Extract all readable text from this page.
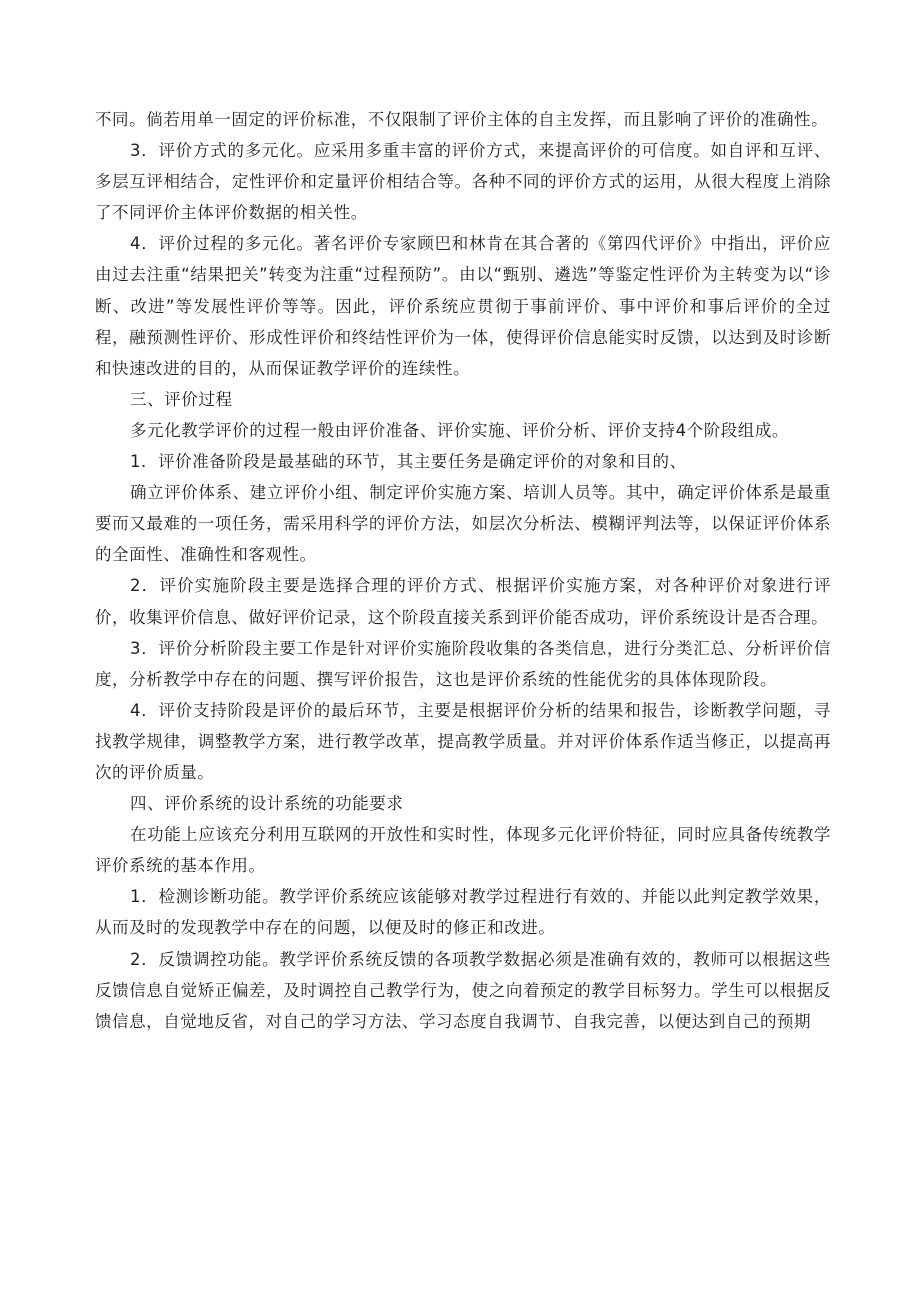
不同。倘若用单一固定的评价标准，不仅限制了评价主体的自主发挥，而且影响了评价的准确性。

3．评价方式的多元化。应采用多重丰富的评价方式，来提高评价的可信度。如自评和互评、多层互评相结合，定性评价和定量评价相结合等。各种不同的评价方式的运用，从很大程度上消除了不同评价主体评价数据的相关性。

4．评价过程的多元化。著名评价专家顾巴和林肯在其合著的《第四代评价》中指出，评价应由过去注重“结果把关”转变为注重“过程预防”。由以“甄别、遴选”等鉴定性评价为主转变为以“诊断、改进”等发展性评价等等。因此，评价系统应贯彻于事前评价、事中评价和事后评价的全过程，融预测性评价、形成性评价和终结性评价为一体，使得评价信息能实时反馈，以达到及时诊断和快速改进的目的，从而保证教学评价的连续性。

三、评价过程

多元化教学评价的过程一般由评价准备、评价实施、评价分析、评价支持4个阶段组成。

1．评价准备阶段是最基础的环节，其主要任务是确定评价的对象和目的、

确立评价体系、建立评价小组、制定评价实施方案、培训人员等。其中，确定评价体系是最重要而又最难的一项任务，需采用科学的评价方法，如层次分析法、模糊评判法等，以保证评价体系的全面性、准确性和客观性。

2．评价实施阶段主要是选择合理的评价方式、根据评价实施方案，对各种评价对象进行评价，收集评价信息、做好评价记录，这个阶段直接关系到评价能否成功，评价系统设计是否合理。

3．评价分析阶段主要工作是针对评价实施阶段收集的各类信息，进行分类汇总、分析评价信度，分析教学中存在的问题、撰写评价报告，这也是评价系统的性能优劣的具体体现阶段。

4．评价支持阶段是评价的最后环节，主要是根据评价分析的结果和报告，诊断教学问题，寻找教学规律，调整教学方案，进行教学改革，提高教学质量。并对评价体系作适当修正，以提高再次的评价质量。

四、评价系统的设计系统的功能要求

在功能上应该充分利用互联网的开放性和实时性，体现多元化评价特征，同时应具备传统教学评价系统的基本作用。

1．检测诊断功能。教学评价系统应该能够对教学过程进行有效的、并能以此判定教学效果，从而及时的发现教学中存在的问题，以便及时的修正和改进。

2．反馈调控功能。教学评价系统反馈的各项教学数据必须是准确有效的，教师可以根据这些反馈信息自觉矫正偏差，及时调控自己教学行为，使之向着预定的教学目标努力。学生可以根据反馈信息，自觉地反省，对自己的学习方法、学习态度自我调节、自我完善，以便达到自己的预期
